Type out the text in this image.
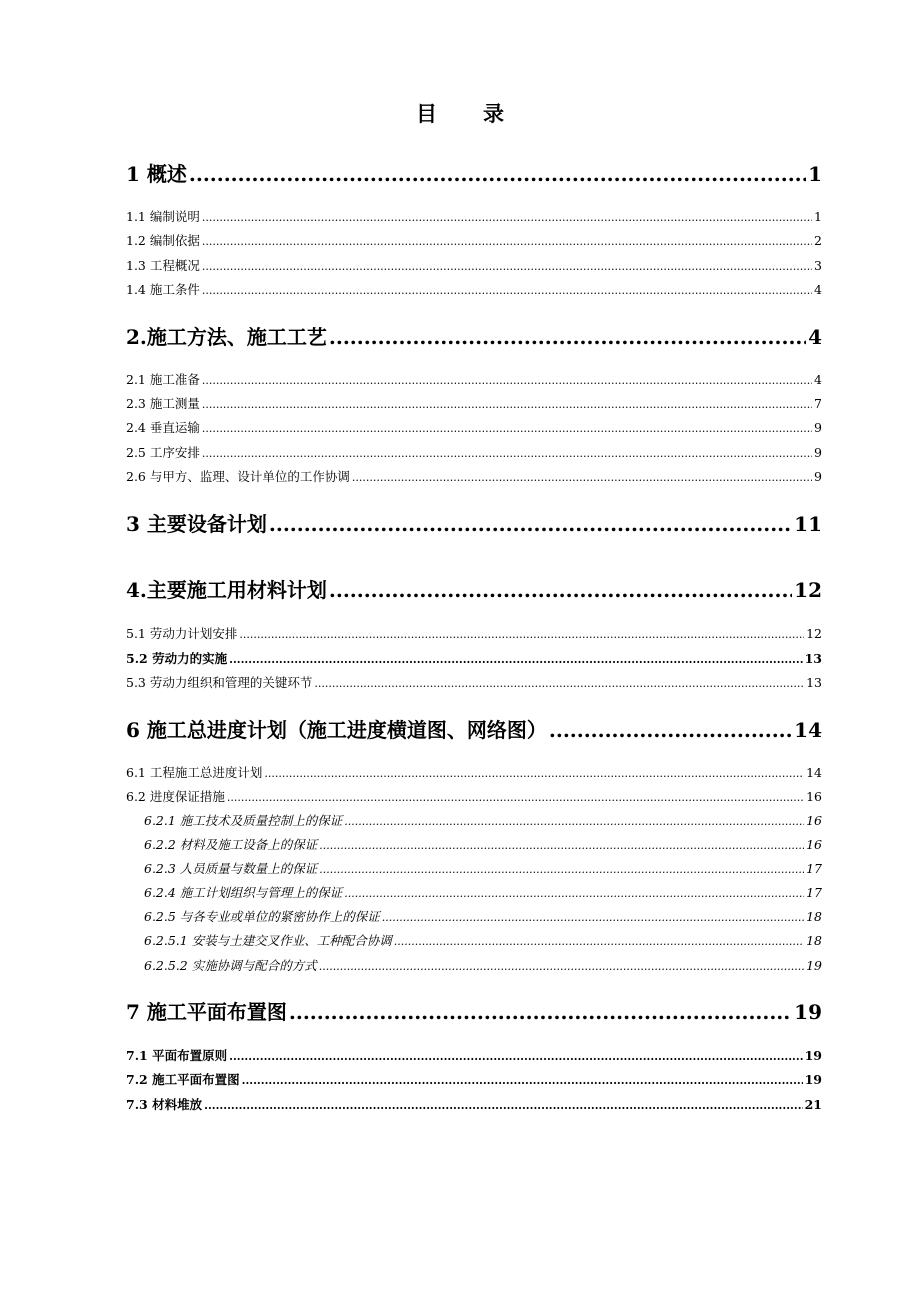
目 录
1 概述 .....	1
1.1 编制说明 .....	1
1.2 编制依据 .....	2
1.3 工程概况 .....	3
1.4 施工条件 .....	4
2.施工方法、施工工艺 .....	4
2.1 施工准备 .....	4
2.3 施工测量 .....	7
2.4 垂直运输 .....	9
2.5 工序安排 .....	9
2.6 与甲方、监理、设计单位的工作协调 .....	9
3 主要设备计划 .....	11
4.主要施工用材料计划 .....	12
5.1 劳动力计划安排 .....	12
5.2 劳动力的实施 .....	13
5.3 劳动力组织和管理的关键环节 .....	13
6 施工总进度计划（施工进度横道图、网络图） .....	14
6.1 工程施工总进度计划 .....	14
6.2 进度保证措施 .....	16
6.2.1 施工技术及质量控制上的保证 .....	16
6.2.2 材料及施工设备上的保证 .....	16
6.2.3 人员质量与数量上的保证 .....	17
6.2.4 施工计划组织与管理上的保证 .....	17
6.2.5 与各专业或单位的紧密协作上的保证 .....	18
6.2.5.1 安装与土建交叉作业、工种配合协调 .....	18
6.2.5.2 实施协调与配合的方式 .....	19
7 施工平面布置图 .....	19
7.1 平面布置原则 .....	19
7.2 施工平面布置图 .....	19
7.3 材料堆放 .....	21
